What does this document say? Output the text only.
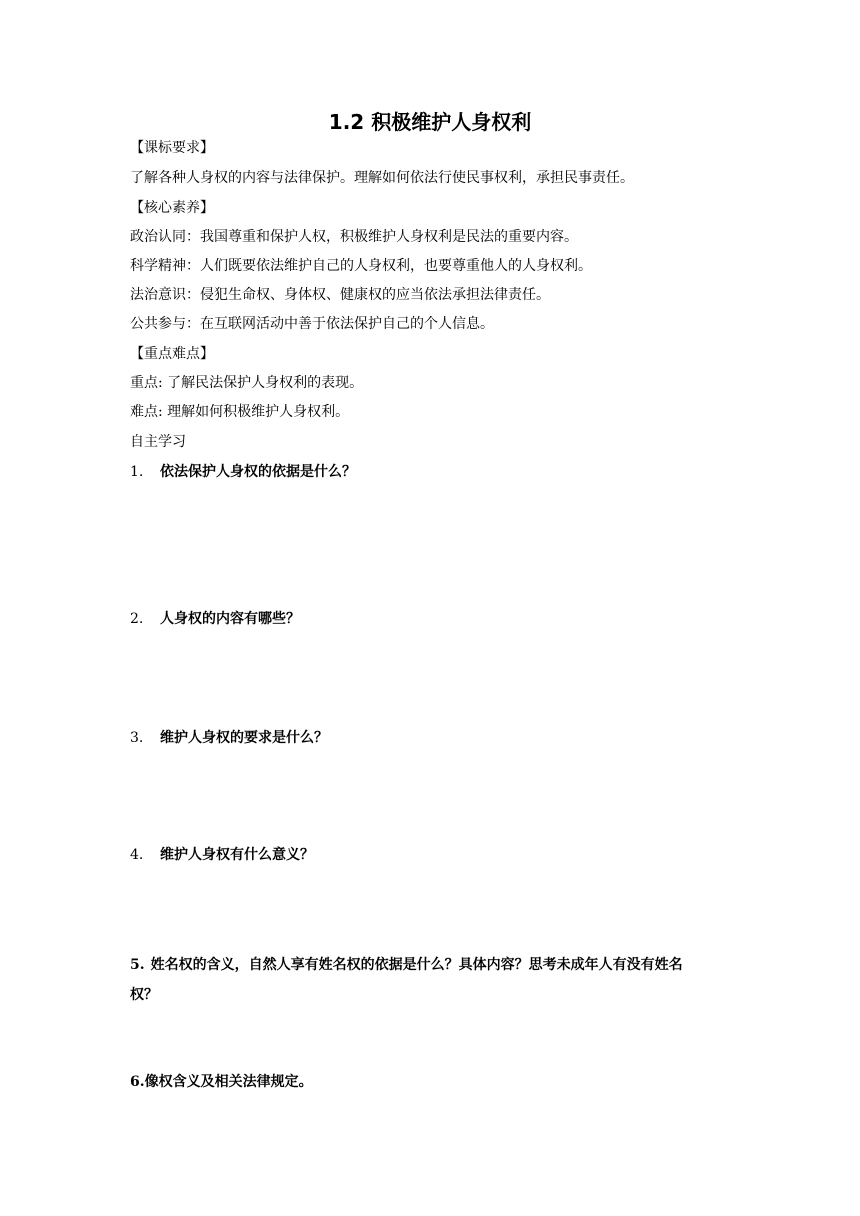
1.2 积极维护人身权利
【课标要求】
了解各种人身权的内容与法律保护。理解如何依法行使民事权利，承担民事责任。
【核心素养】
政治认同：我国尊重和保护人权，积极维护人身权利是民法的重要内容。
科学精神：人们既要依法维护自己的人身权利，也要尊重他人的人身权利。
法治意识：侵犯生命权、身体权、健康权的应当依法承担法律责任。
公共参与：在互联网活动中善于依法保护自己的个人信息。
【重点难点】
重点: 了解民法保护人身权利的表现。
难点: 理解如何积极维护人身权利。
自主学习
1. 依法保护人身权的依据是什么？
2. 人身权的内容有哪些？
3. 维护人身权的要求是什么？
4. 维护人身权有什么意义？
5. 姓名权的含义，自然人享有姓名权的依据是什么？具体内容？思考未成年人有没有姓名
权？
6.像权含义及相关法律规定。
